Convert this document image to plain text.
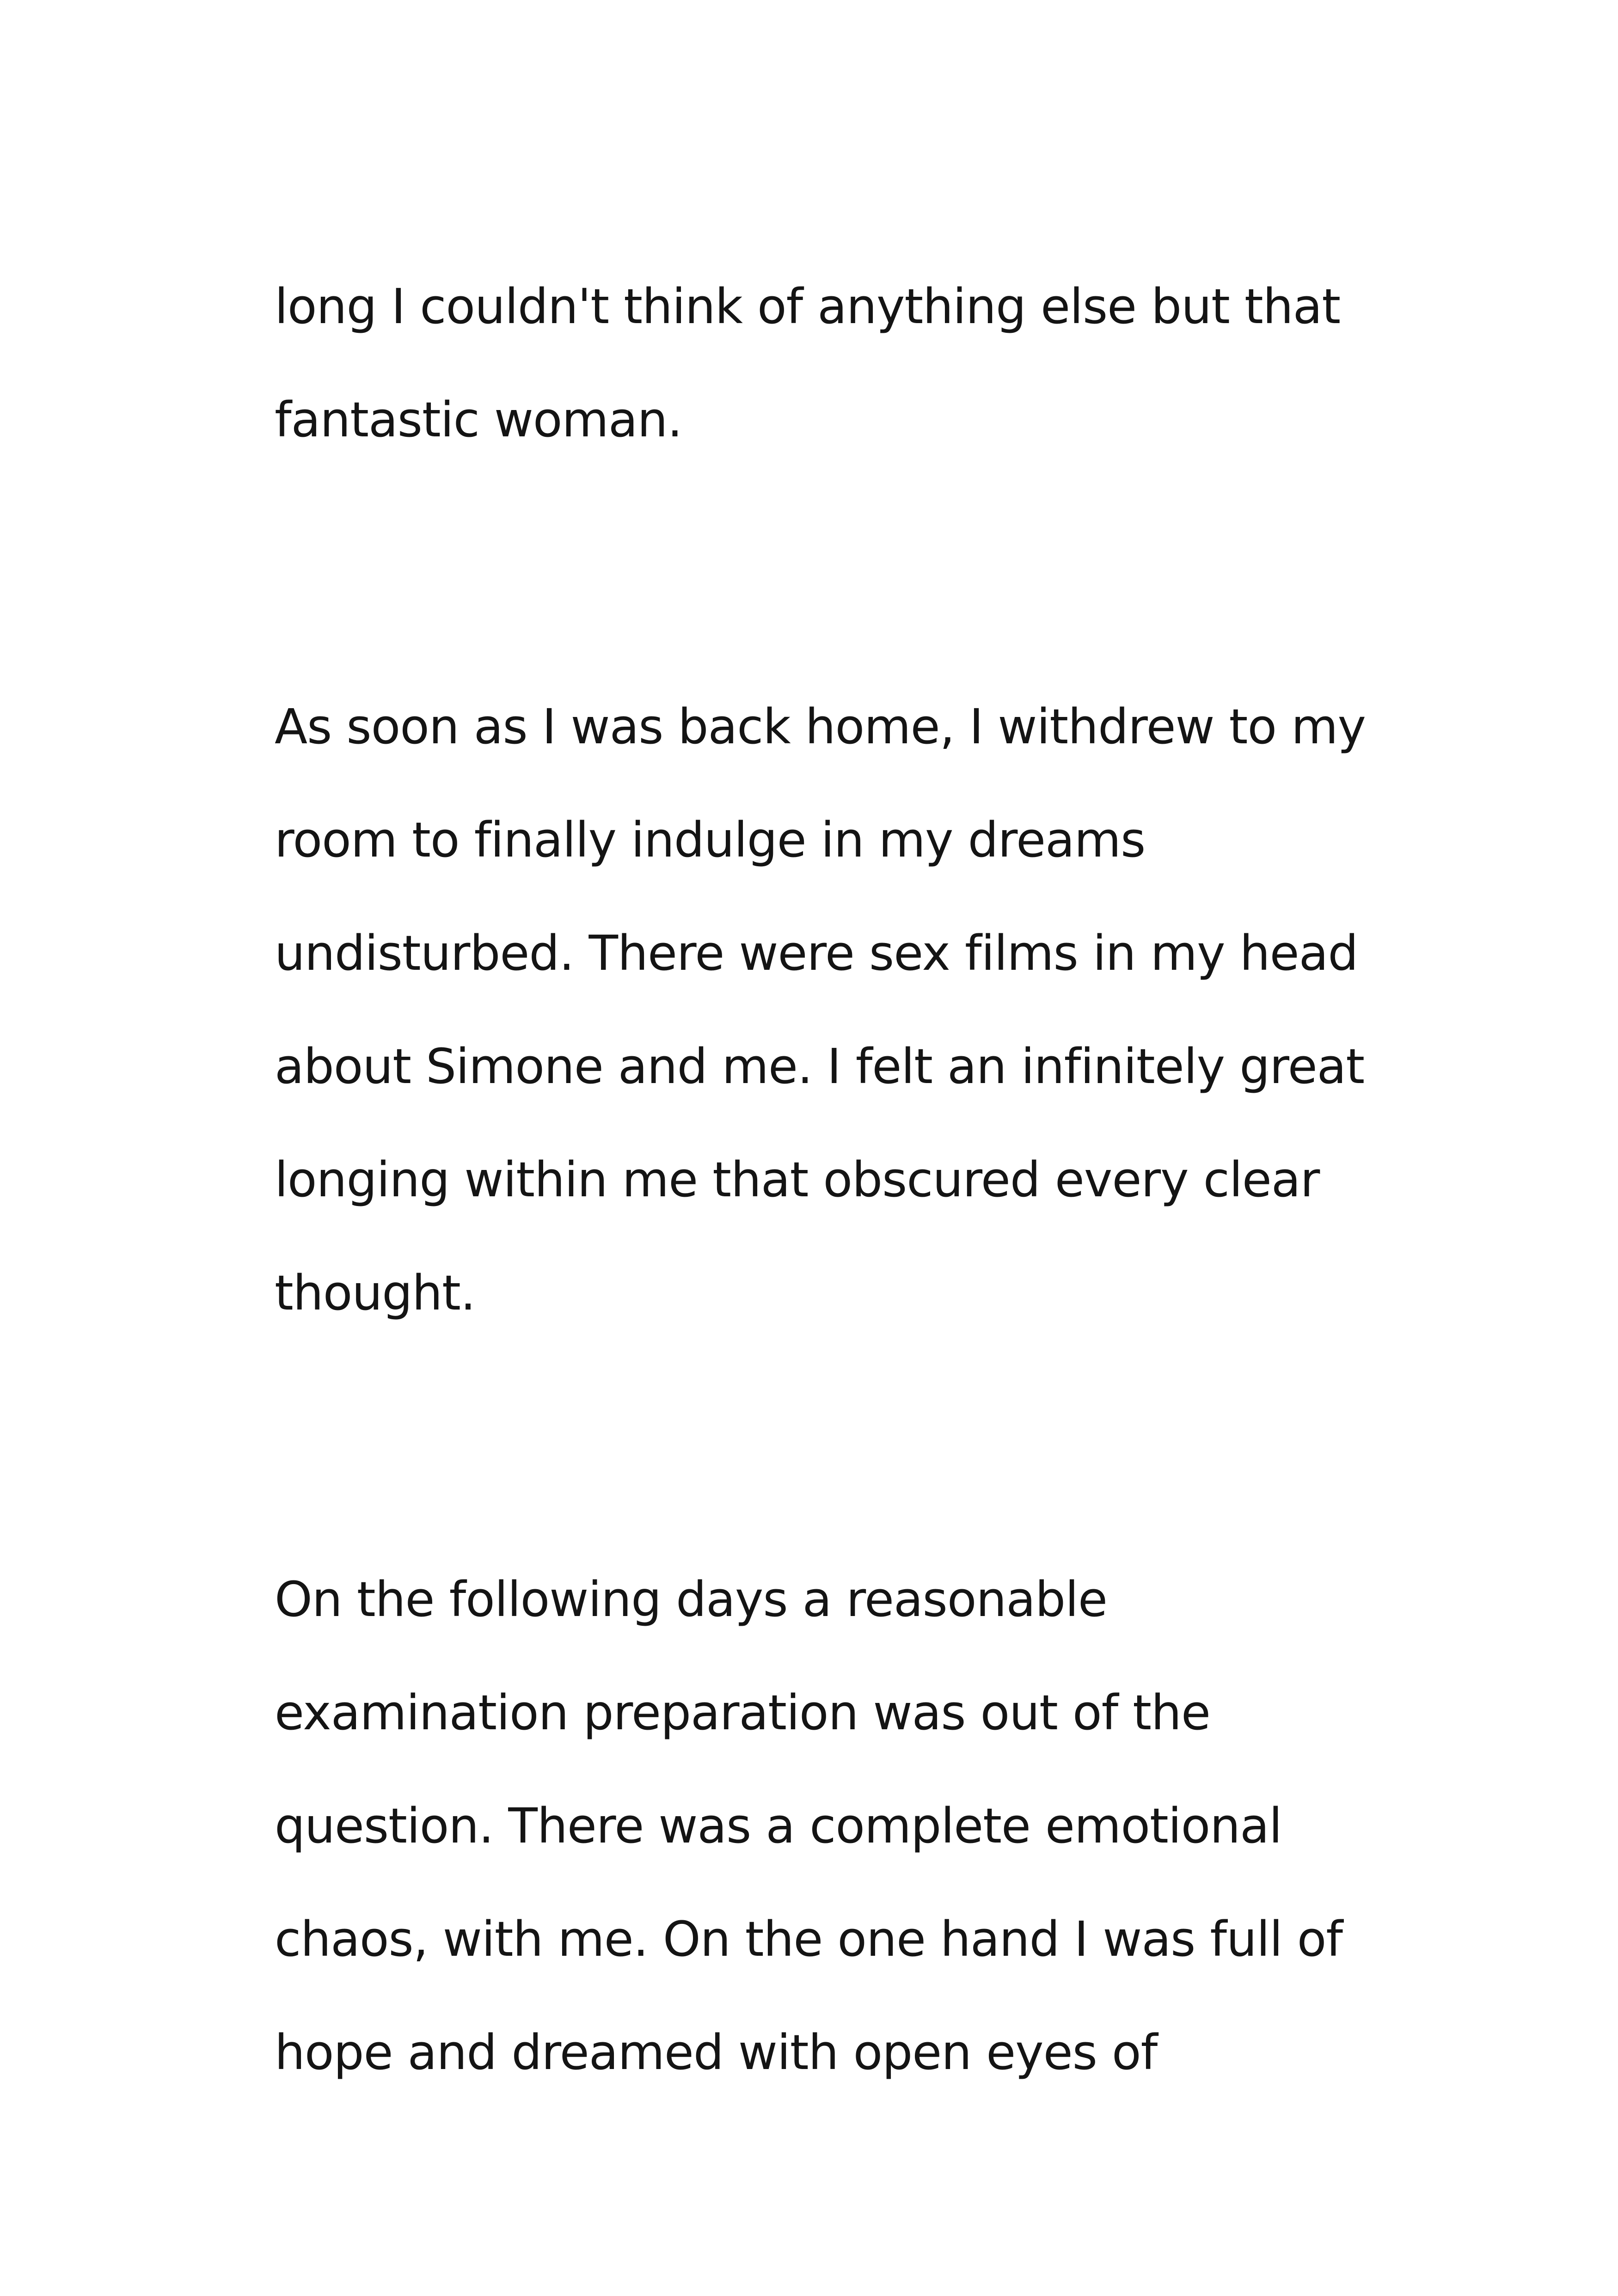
long I couldn't think of anything else but that

fantastic woman.

As soon as I was back home, I withdrew to my

room to finally indulge in my dreams

undisturbed. There were sex films in my head

about Simone and me. I felt an infinitely great

longing within me that obscured every clear

thought.

On the following days a reasonable

examination preparation was out of the

question. There was a complete emotional

chaos, with me. On the one hand I was full of

hope and dreamed with open eyes of
